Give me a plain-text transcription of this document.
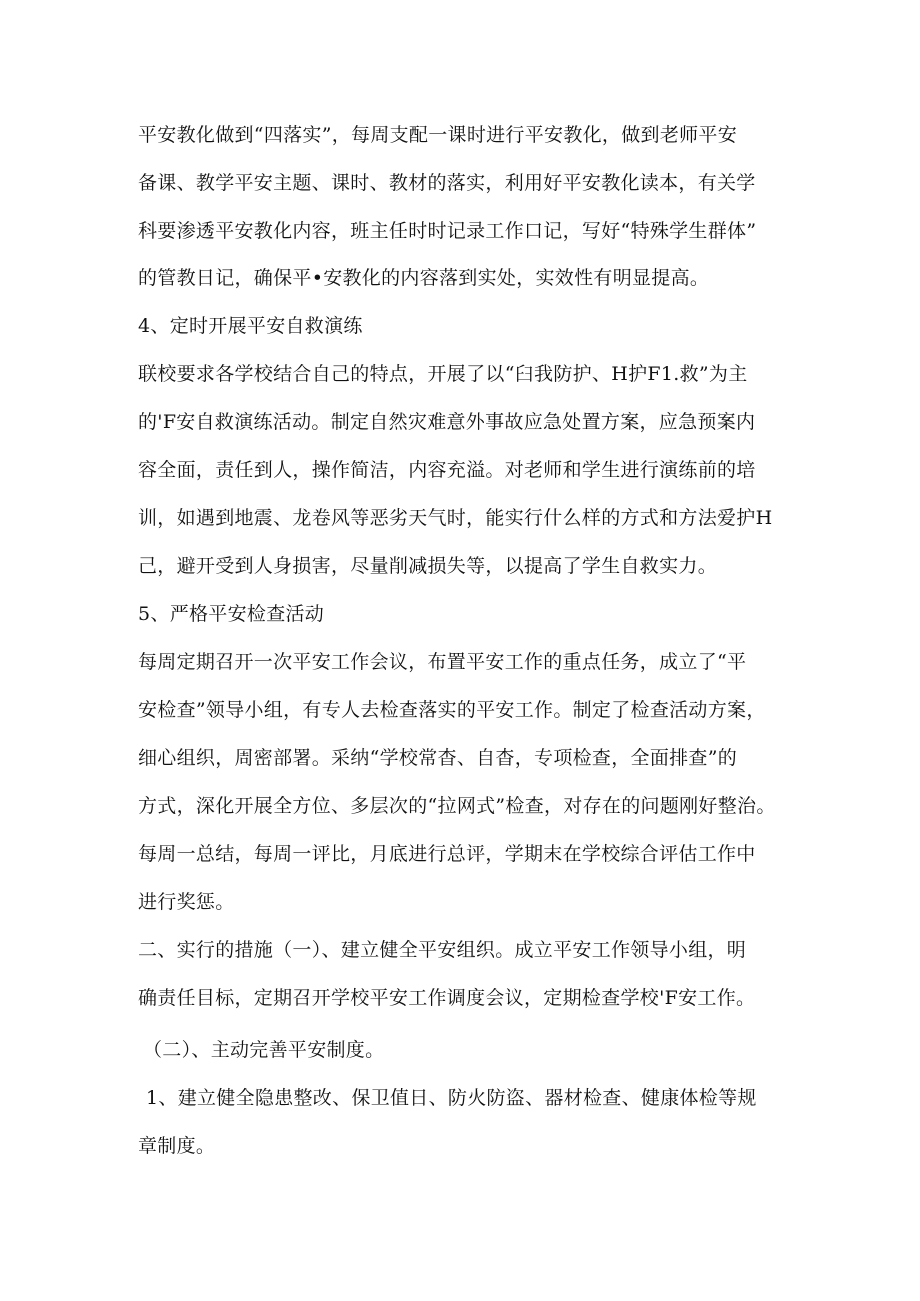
平安教化做到“四落实”，每周支配一课时进行平安教化，做到老师平安
备课、教学平安主题、课时、教材的落实，利用好平安教化读本，有关学
科要渗透平安教化内容，班主任时时记录工作口记，写好“特殊学生群体”
的管教日记，确保平•安教化的内容落到实处，实效性有明显提高。
4、定时开展平安自救演练
联校要求各学校结合自己的特点，开展了以“臼我防护、H护F1.救”为主
的'F安自救演练活动。制定自然灾难意外事故应急处置方案，应急预案内
容全面，责任到人，操作简洁，内容充溢。对老师和学生进行演练前的培
训，如遇到地震、龙卷风等恶劣天气时，能实行什么样的方式和方法爱护H
己，避开受到人身损害，尽量削减损失等，以提高了学生自救实力。
5、严格平安检查活动
每周定期召开一次平安工作会议，布置平安工作的重点任务，成立了“平
安检查”领导小组，有专人去检查落实的平安工作。制定了检查活动方案，
细心组织，周密部署。采纳“学校常杳、自杳，专项检查，全面排查”的
方式，深化开展全方位、多层次的“拉网式”检查，对存在的问题刚好整治。
每周一总结，每周一评比，月底进行总评，学期末在学校综合评估工作中
进行奖惩。
二、实行的措施（一）、建立健全平安组织。成立平安工作领导小组，明
确责任目标，定期召开学校平安工作调度会议，定期检查学校'F安工作。
（二）、主动完善平安制度。
1、建立健全隐患整改、保卫值日、防火防盗、器材检查、健康体检等规
章制度。
